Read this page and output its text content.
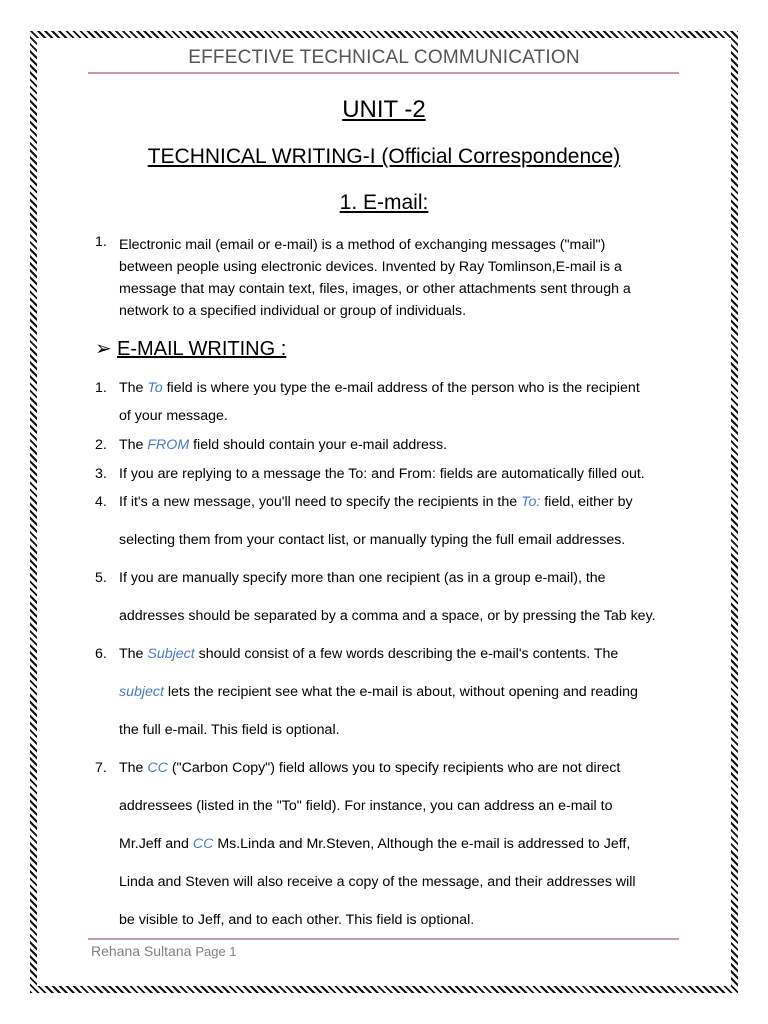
EFFECTIVE TECHNICAL COMMUNICATION
UNIT -2
TECHNICAL WRITING-I (Official Correspondence)
1. E-mail:
1. Electronic mail (email or e-mail) is a method of exchanging messages ("mail")
between people using electronic devices. Invented by Ray Tomlinson,E-mail is a
message that may contain text, files, images, or other attachments sent through a
network to a specified individual or group of individuals.
➢ E-MAIL WRITING :
1. The To field is where you type the e-mail address of the person who is the recipient
of your message.
2. The FROM field should contain your e-mail address.
3. If you are replying to a message the To: and From: fields are automatically filled out.
4. If it's a new message, you'll need to specify the recipients in the To: field, either by
selecting them from your contact list, or manually typing the full email addresses.
5. If you are manually specify more than one recipient (as in a group e-mail), the
addresses should be separated by a comma and a space, or by pressing the Tab key.
6. The Subject should consist of a few words describing the e-mail's contents. The
subject lets the recipient see what the e-mail is about, without opening and reading
the full e-mail. This field is optional.
7. The CC ("Carbon Copy") field allows you to specify recipients who are not direct
addressees (listed in the "To" field). For instance, you can address an e-mail to
Mr.Jeff and CC Ms.Linda and Mr.Steven, Although the e-mail is addressed to Jeff,
Linda and Steven will also receive a copy of the message, and their addresses will
be visible to Jeff, and to each other. This field is optional.
Rehana Sultana Page 1
